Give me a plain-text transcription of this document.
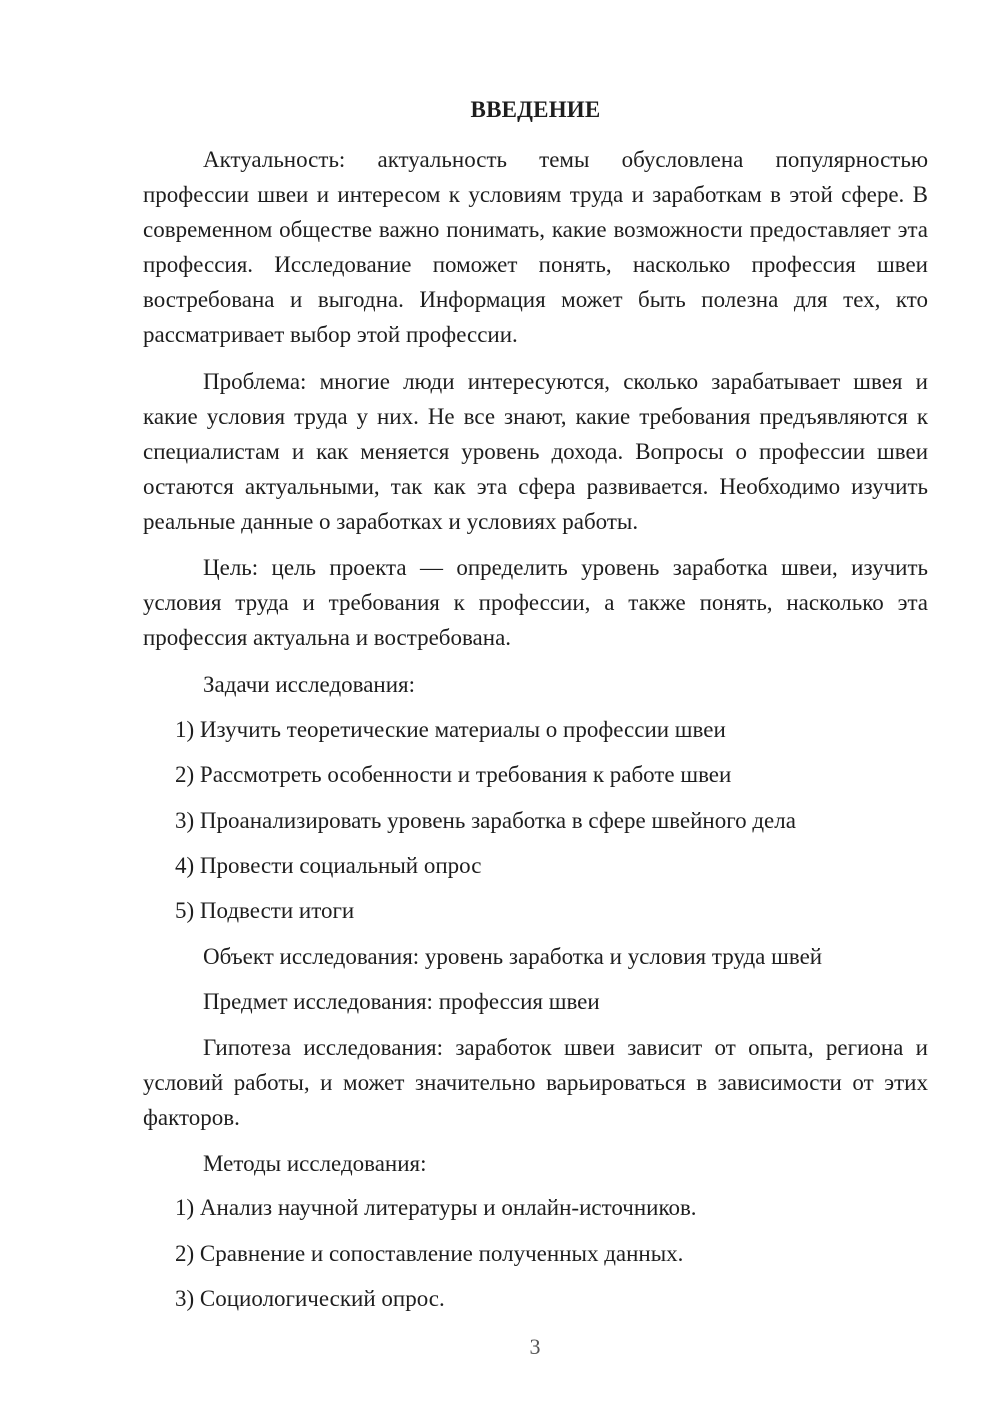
ВВЕДЕНИЕ

Актуальность: актуальность темы обусловлена популярностью профессии швеи и интересом к условиям труда и заработкам в этой сфере. В современном обществе важно понимать, какие возможности предоставляет эта профессия. Исследование поможет понять, насколько профессия швеи востребована и выгодна. Информация может быть полезна для тех, кто рассматривает выбор этой профессии.

Проблема: многие люди интересуются, сколько зарабатывает швея и какие условия труда у них. Не все знают, какие требования предъявляются к специалистам и как меняется уровень дохода. Вопросы о профессии швеи остаются актуальными, так как эта сфера развивается. Необходимо изучить реальные данные о заработках и условиях работы.

Цель: цель проекта — определить уровень заработка швеи, изучить условия труда и требования к профессии, а также понять, насколько эта профессия актуальна и востребована.

Задачи исследования:
1) Изучить теоретические материалы о профессии швеи
2) Рассмотреть особенности и требования к работе швеи
3) Проанализировать уровень заработка в сфере швейного дела
4) Провести социальный опрос
5) Подвести итоги
Объект исследования: уровень заработка и условия труда швей
Предмет исследования: профессия швеи

Гипотеза исследования: заработок швеи зависит от опыта, региона и условий работы, и может значительно варьироваться в зависимости от этих факторов.

Методы исследования:
1) Анализ научной литературы и онлайн-источников.
2) Сравнение и сопоставление полученных данных.
3) Социологический опрос.
3
